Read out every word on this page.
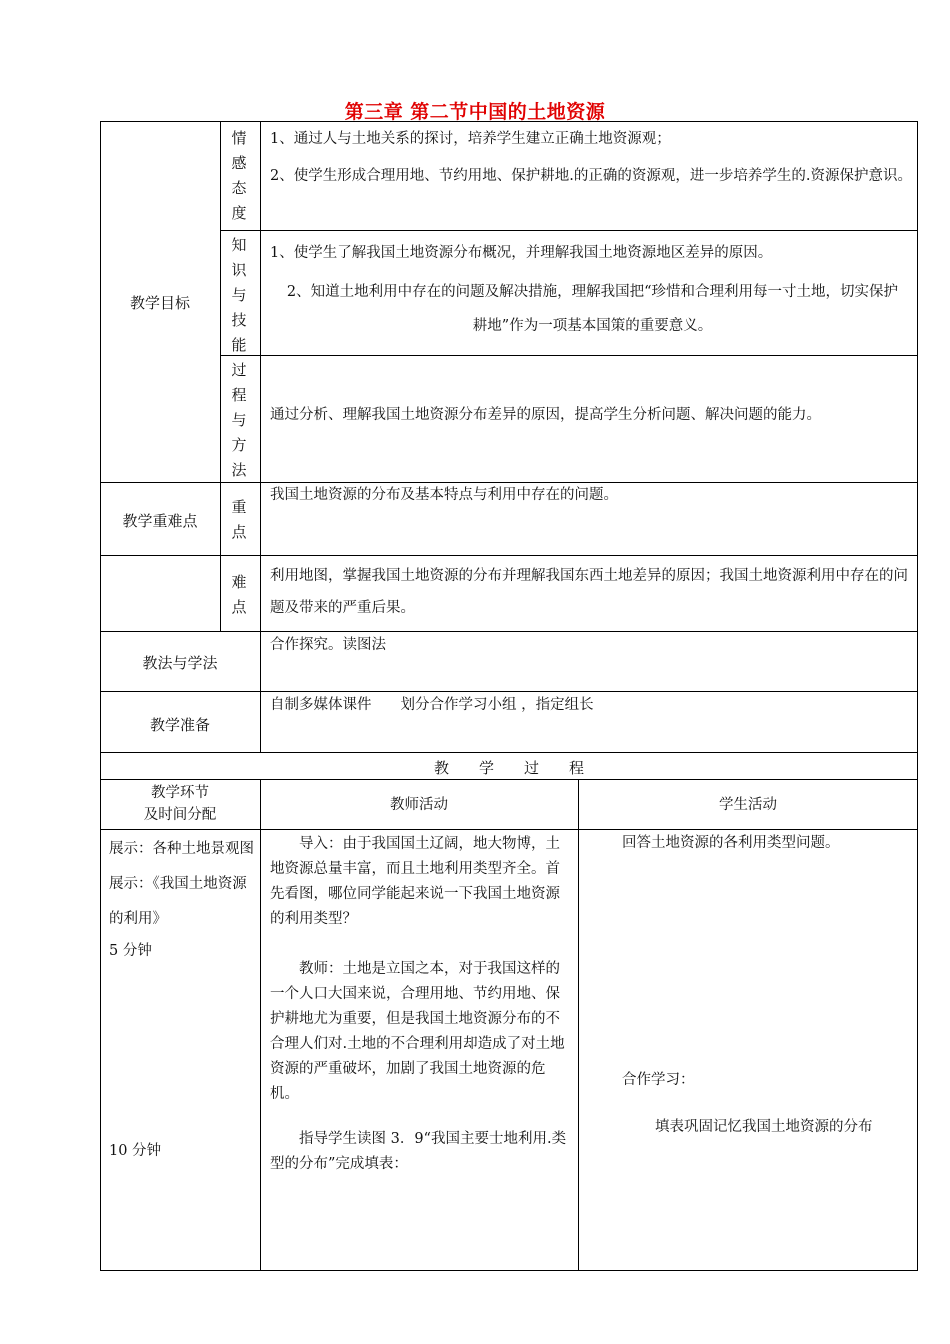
第三章 第二节中国的土地资源
教学目标
情感态度
1、通过人与土地关系的探讨，培养学生建立正确土地资源观；
2、使学生形成合理用地、节约用地、保护耕地.的正确的资源观，进一步培养学生的.资源保护意识。
知识与技能
1、使学生了解我国土地资源分布概况，并理解我国土地资源地区差异的原因。
2、知道土地利用中存在的问题及解决措施，理解我国把“珍惜和合理利用每一寸土地，切实保护耕地”作为一项基本国策的重要意义。
过程与方法
通过分析、理解我国土地资源分布差异的原因，提高学生分析问题、解决问题的能力。
教学重难点
重点
我国土地资源的分布及基本特点与利用中存在的问题。
难点
利用地图，掌握我国土地资源的分布并理解我国东西土地差异的原因；我国土地资源利用中存在的问题及带来的严重后果。
教法与学法
合作探究。读图法
教学准备
自制多媒体课件　　划分合作学习小组 ，指定组长
教　　学　　过　　程
教学环节
及时间分配
教师活动	学生活动
展示：各种土地景观图展示：《我国土地资源的利用》
5 分钟
10 分钟
导入：由于我国国土辽阔，地大物博，土地资源总量丰富，而且土地利用类型齐全。首先看图，哪位同学能起来说一下我国土地资源的利用类型？
教师：土地是立国之本，对于我国这样的一个人口大国来说，合理用地、节约用地、保护耕地尤为重要，但是我国土地资源分布的不合理人们对.土地的不合理利用却造成了对土地资源的严重破坏，加剧了我国土地资源的危机。
指导学生读图 3．9“我国主要士地利用.类型的分布”完成填表：
回答土地资源的各利用类型问题。
合作学习：
填表巩固记忆我国土地资源的分布
